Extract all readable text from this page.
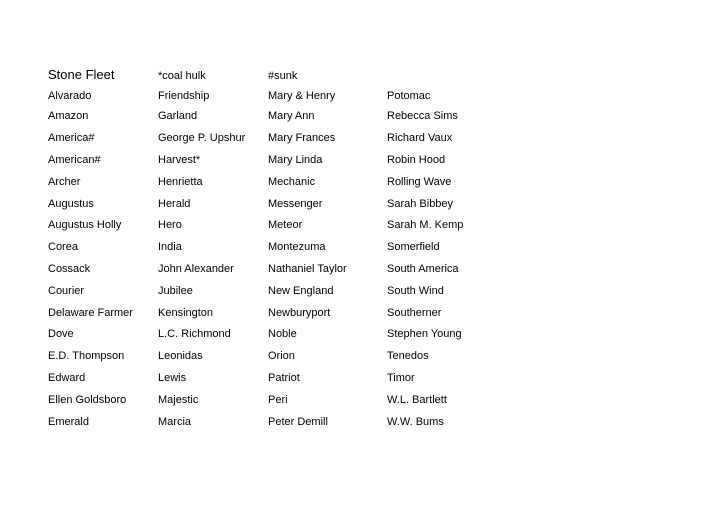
Stone Fleet	*coal hulk	#sunk
Alvarado
Amazon
America#
American#
Archer
Augustus
Augustus Holly
Corea
Cossack
Courier
Delaware Farmer
Dove
E.D. Thompson
Edward
Ellen Goldsboro
Emerald
Friendship
Garland
George P. Upshur
Harvest*
Henrietta
Herald
Hero
India
John Alexander
Jubilee
Kensington
L.C. Richmond
Leonidas
Lewis
Majestic
Marcia
Mary & Henry
Mary Ann
Mary Frances
Mary Linda
Mechanic
Messenger
Meteor
Montezuma
Nathaniel Taylor
New England
Newburyport
Noble
Orion
Patriot
Peri
Peter Demill
Potomac
Rebecca Sims
Richard Vaux
Robin Hood
Rolling Wave
Sarah Bibbey
Sarah M. Kemp
Somerfield
South America
South Wind
Southerner
Stephen Young
Tenedos
Timor
W.L. Bartlett
W.W. Bums
